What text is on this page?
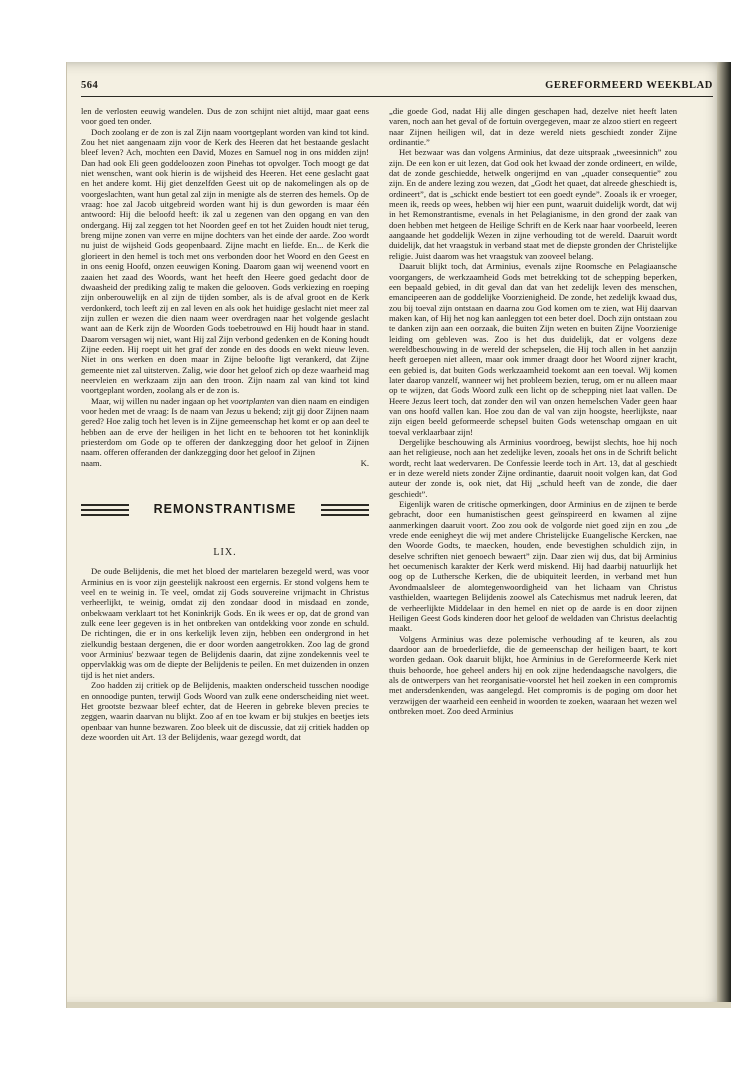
564	GEREFORMEERD WEEKBLAD

len de verlosten eeuwig wandelen. Dus de zon schijnt niet altijd, maar gaat eens voor goed ten onder.

Doch zoolang er de zon is zal Zijn naam voortgeplant worden van kind tot kind. Zou het niet aangenaam zijn voor de Kerk des Heeren dat het bestaande geslacht bleef leven? Ach, mochten een David, Mozes en Samuel nog in ons midden zijn! Dan had ook Eli geen goddeloozen zoon Pinehas tot opvolger. Toch moogt ge dat niet wenschen, want ook hierin is de wijsheid des Heeren. Het eene geslacht gaat en het andere komt. Hij giet denzelfden Geest uit op de nakomelingen als op de voorgeslachten, want hun getal zal zijn in menigte als de sterren des hemels. Op de vraag: hoe zal Jacob uitgebreid worden want hij is dun geworden is maar één antwoord: Hij die beloofd heeft: ik zal u zegenen van den opgang en van den ondergang. Hij zal zeggen tot het Noorden geef en tot het Zuiden houdt niet terug, breng mijne zonen van verre en mijne dochters van het einde der aarde. Zoo wordt nu juist de wijsheid Gods geopenbaard. Zijne macht en liefde. En... de Kerk die glorieert in den hemel is toch met ons verbonden door het Woord en den Geest en in ons eenig Hoofd, onzen eeuwigen Koning. Daarom gaan wij weenend voort en zaaien het zaad des Woords, want het heeft den Heere goed gedacht door de dwaasheid der prediking zalig te maken die gelooven. Gods verkiezing en roeping zijn onberouwelijk en al zijn de tijden somber, als is de afval groot en de Kerk verdonkerd, toch leeft zij en zal leven en als ook het huidige geslacht niet meer zal zijn zullen er wezen die dien naam weer overdragen naar het volgende geslacht want aan de Kerk zijn de Woorden Gods toebetrouwd en Hij houdt haar in stand. Daarom versagen wij niet, want Hij zal Zijn verbond gedenken en de Koning houdt Zijne eeden. Hij roept uit het graf der zonde en des doods en wekt nieuw leven. Niet in ons werken en doen maar in Zijne beloofte ligt verankerd, dat Zijne gemeente niet zal uitsterven. Zalig, wie door het geloof zich op deze waarheid mag neervleien en werkzaam zijn aan den troon. Zijn naam zal van kind tot kind voortgeplant worden, zoolang als er de zon is.

Maar, wij willen nu nader ingaan op het voortplanten van dien naam en eindigen voor heden met de vraag: Is de naam van Jezus u bekend; zijt gij door Zijnen naam gered? Hoe zalig toch het leven is in Zijne gemeenschap het komt er op aan deel te hebben aan de erve der heiligen in het licht en te behooren tot het koninklijk priesterdom om Gode op te offeren der dankzegging door het geloof in Zijnen naam. offeren offeranden der dankzegging door het geloof in Zijnen

naam.	K.
REMONSTRANTISME
LIX.

De oude Belijdenis, die met het bloed der martelaren bezegeld werd, was voor Arminius en is voor zijn geestelijk nakroost een ergernis. Er stond volgens hem te veel en te weinig in. Te veel, omdat zij Gods souvereine vrijmacht in Christus verheerlijkt, te weinig, omdat zij den zondaar dood in misdaad en zonde, onbekwaam verklaart tot het Koninkrijk Gods. En ik wees er op, dat de grond van zulk eene leer gegeven is in het ontbreken van ontdekking voor zonde en schuld. De richtingen, die er in ons kerkelijk leven zijn, hebben een ondergrond in het zielkundig bestaan dergenen, die er door worden aangetrokken. Zoo lag de grond voor Arminius' bezwaar tegen de Belijdenis daarin, dat zijne zondekennis veel te oppervlakkig was om de diepte der Belijdenis te peilen. En met duizenden in onzen tijd is het niet anders.

Zoo hadden zij critiek op de Belijdenis, maakten onderscheid tusschen noodige en onnoodige punten, terwijl Gods Woord van zulk eene onderscheiding niet weet. Het grootste bezwaar bleef echter, dat de Heeren in gebreke bleven precies te zeggen, waarin daarvan nu blijkt. Zoo af en toe kwam er bij stukjes en beetjes iets openbaar van hunne bezwaren. Zoo bleek uit de discussie, dat zij critiek hadden op deze woorden uit Art. 13 der Belijdenis, waar gezegd wordt, dat

„die goede God, nadat Hij alle dingen geschapen had, dezelve niet heeft laten varen, noch aan het geval of de fortuin overgegeven, maar ze alzoo stiert en regeert naar Zijnen heiligen wil, dat in deze wereld niets geschiedt zonder Zijne ordinantie.”

Het bezwaar was dan volgens Arminius, dat deze uitspraak „tweesinnich” zou zijn. De een kon er uit lezen, dat God ook het kwaad der zonde ordineert, en wilde, dat de zonde geschiedde, hetwelk ongerijmd en van „quader consequentie” zou zijn. En de andere lezing zou wezen, dat „Godt het quaet, dat alreede gheschiedt is, ordineert”, dat is „schickt ende bestiert tot een goedt eynde”. Zooals ik er vroeger, meen ik, reeds op wees, hebben wij hier een punt, waaruit duidelijk wordt, dat wij in het Remonstrantisme, evenals in het Pelagianisme, in den grond der zaak van doen hebben met hetgeen de Heilige Schrift en de Kerk naar haar voorbeeld, leeren aangaande het goddelijk Wezen in zijne verhouding tot de wereld. Daaruit wordt duidelijk, dat het vraagstuk in verband staat met de diepste gronden der Christelijke religie. Juist daarom was het vraagstuk van zooveel belang.

Daaruit blijkt toch, dat Arminius, evenals zijne Roomsche en Pelagiaansche voorgangers, de werkzaamheid Gods met betrekking tot de schepping beperken, een bepaald gebied, in dit geval dan dat van het zedelijk leven des menschen, emancipeeren aan de goddelijke Voorzienigheid. De zonde, het zedelijk kwaad dus, zou bij toeval zijn ontstaan en daarna zou God komen om te zien, wat Hij daarvan maken kan, of Hij het nog kan aanleggen tot een beter doel. Doch zijn ontstaan zou te danken zijn aan een oorzaak, die buiten Zijn weten en buiten Zijne Voorzienige leiding om gebleven was. Zoo is het dus duidelijk, dat er volgens deze wereldbeschouwing in de wereld der schepselen, die Hij toch allen in het aanzijn heeft geroepen niet alleen, maar ook immer draagt door het Woord zijner kracht, een gebied is, dat buiten Gods werkzaamheid toekomt aan een toeval. Wij komen later daarop vanzelf, wanneer wij het probleem bezien, terug, om er nu alleen maar op te wijzen, dat Gods Woord zulk een licht op de schepping niet laat vallen. De Heere Jezus leert toch, dat zonder den wil van onzen hemelschen Vader geen haar van ons hoofd vallen kan. Hoe zou dan de val van zijn hoogste, heerlijkste, naar zijn eigen beeld geformeerde schepsel buiten Gods wetenschap omgaan en uit toeval verklaarbaar zijn!

Dergelijke beschouwing als Arminius voordroeg, bewijst slechts, hoe hij noch aan het religieuse, noch aan het zedelijke leven, zooals het ons in de Schrift belicht wordt, recht laat wedervaren. De Confessie leerde toch in Art. 13, dat al geschiedt er in deze wereld niets zonder Zijne ordinantie, daaruit nooit volgen kan, dat God auteur der zonde is, ook niet, dat Hij „schuld heeft van de zonde, die daer geschiedt”.

Eigenlijk waren de critische opmerkingen, door Arminius en de zijnen te berde gebracht, door een humanistischen geest geïnspireerd en kwamen al zijne aanmerkingen daaruit voort. Zoo zou ook de volgorde niet goed zijn en zou „de vrede ende eenigheyt die wij met andere Christelijcke Euangelische Kercken, nae den Woorde Godts, te maecken, houden, ende bevestighen schuldich zijn, in deselve schriften niet genoech bewaert” zijn. Daar zien wij dus, dat bij Arminius het oecumenisch karakter der Kerk werd miskend. Hij had daarbij natuurlijk het oog op de Luthersche Kerken, die de ubiquiteit leerden, in verband met hun Avondmaalsleer de alomtegenwoordigheid van het lichaam van Christus vasthielden, waartegen Belijdenis zoowel als Catechismus met nadruk leeren, dat de verheerlijkte Middelaar in den hemel en niet op de aarde is en door zijnen Heiligen Geest Gods kinderen door het geloof de weldaden van Christus deelachtig maakt.

Volgens Arminius was deze polemische verhouding af te keuren, als zou daardoor aan de broederliefde, die de gemeenschap der heiligen baart, te kort worden gedaan. Ook daaruit blijkt, hoe Arminius in de Gereformeerde Kerk niet thuis behoorde, hoe geheel anders hij en ook zijne hedendaagsche navolgers, die als de ontwerpers van het reorganisatie-voorstel het heil zoeken in een compromis met andersdenkenden, was aangelegd. Het compromis is de poging om door het verzwijgen der waarheid een eenheid in woorden te zoeken, waaraan het wezen wel ontbreken moet. Zoo deed Arminius
